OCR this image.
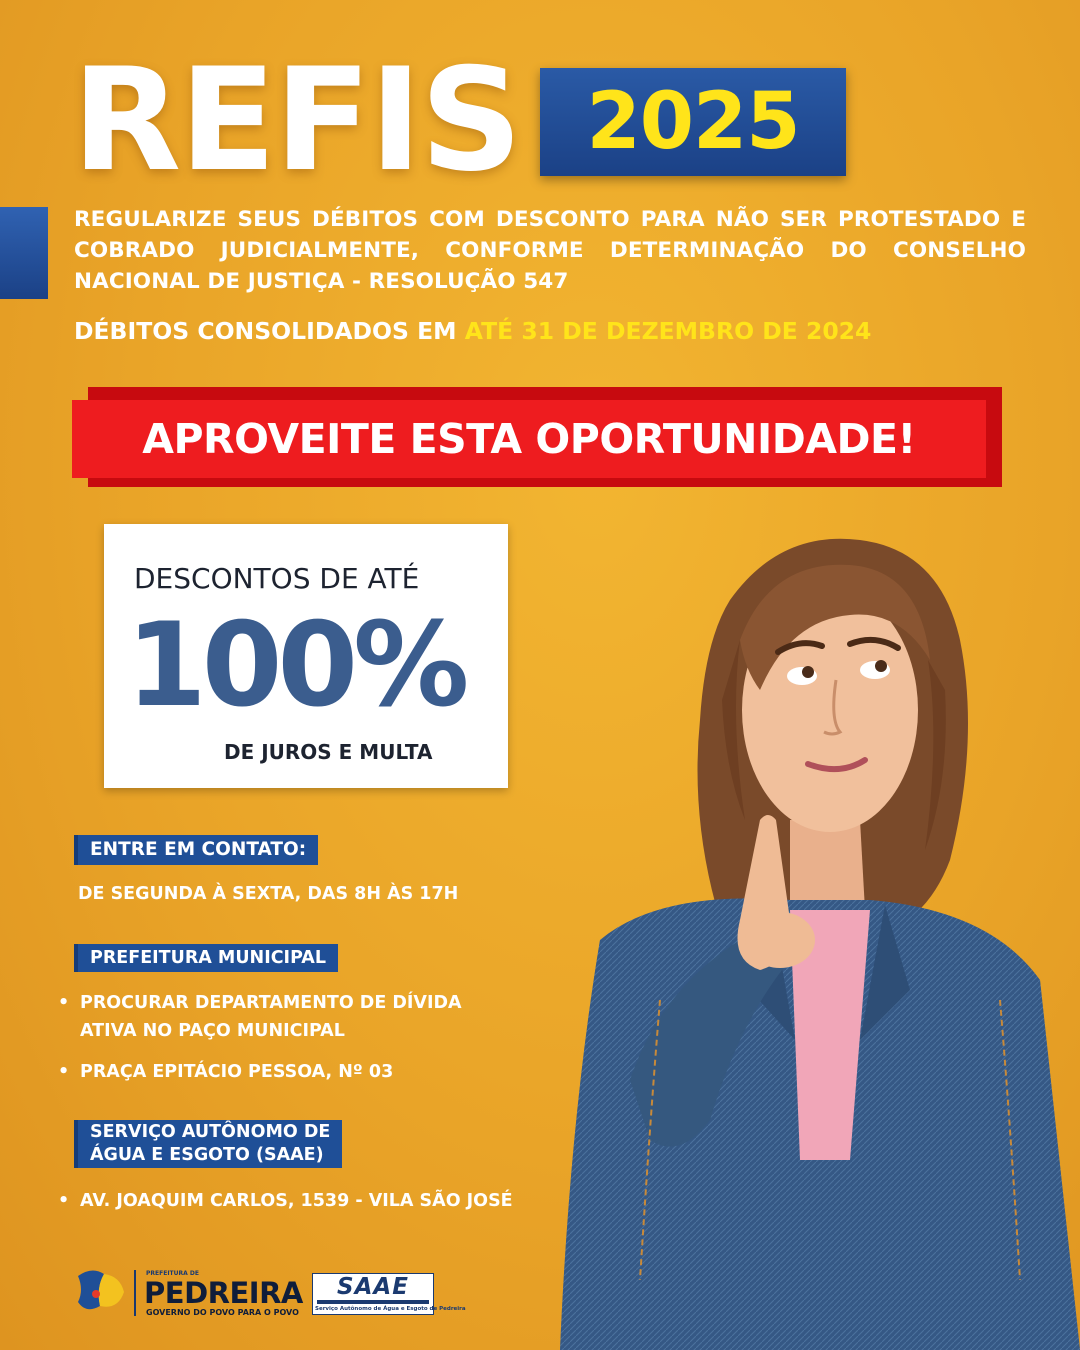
REFIS 2025

REGULARIZE SEUS DÉBITOS COM DESCONTO PARA NÃO SER PROTESTADO E COBRADO JUDICIALMENTE, CONFORME DETERMINAÇÃO DO CONSELHO NACIONAL DE JUSTIÇA - RESOLUÇÃO 547

DÉBITOS CONSOLIDADOS EM ATÉ 31 DE DEZEMBRO DE 2024
APROVEITE ESTA OPORTUNIDADE!
DESCONTOS DE ATÉ
100%
DE JUROS E MULTA
ENTRE EM CONTATO:
DE SEGUNDA À SEXTA, DAS 8H ÀS 17H
PREFEITURA MUNICIPAL
• PROCURAR DEPARTAMENTO DE DÍVIDA
ATIVA NO PAÇO MUNICIPAL
• PRAÇA EPITÁCIO PESSOA, Nº 03
SERVIÇO AUTÔNOMO DE
ÁGUA E ESGOTO (SAAE)
• AV. JOAQUIM CARLOS, 1539 - VILA SÃO JOSÉ
PREFEITURA DE
PEDREIRA
GOVERNO DO POVO PARA O POVO
SAAE
Serviço Autônomo de Água e Esgoto de Pedreira
